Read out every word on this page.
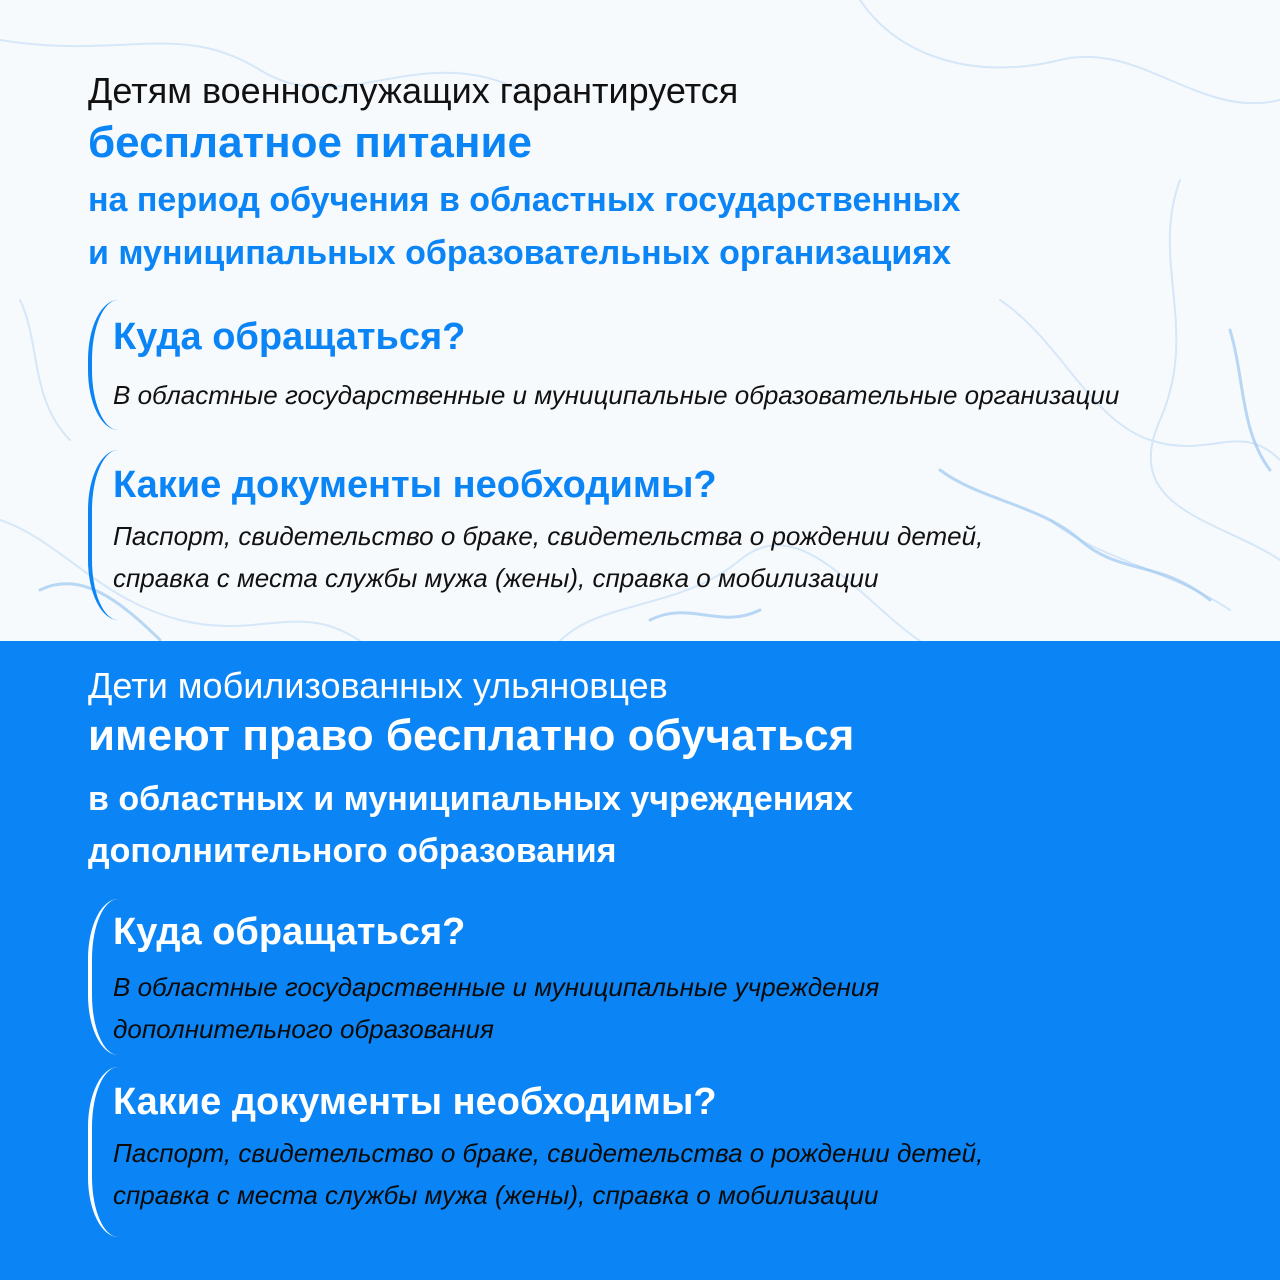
Детям военнослужащих гарантируется

бесплатное питание

на период обучения в областных государственных

и муниципальных образовательных организациях

Куда обращаться?

В областные государственные и муниципальные образовательные организации

Какие документы необходимы?

Паспорт, свидетельство о браке, свидетельства о рождении детей,

справка с места службы мужа (жены), справка о мобилизации

Дети мобилизованных ульяновцев

имеют право бесплатно обучаться

в областных и муниципальных учреждениях

дополнительного образования

Куда обращаться?

В областные государственные и муниципальные учреждения

дополнительного образования

Какие документы необходимы?

Паспорт, свидетельство о браке, свидетельства о рождении детей,

справка с места службы мужа (жены), справка о мобилизации
